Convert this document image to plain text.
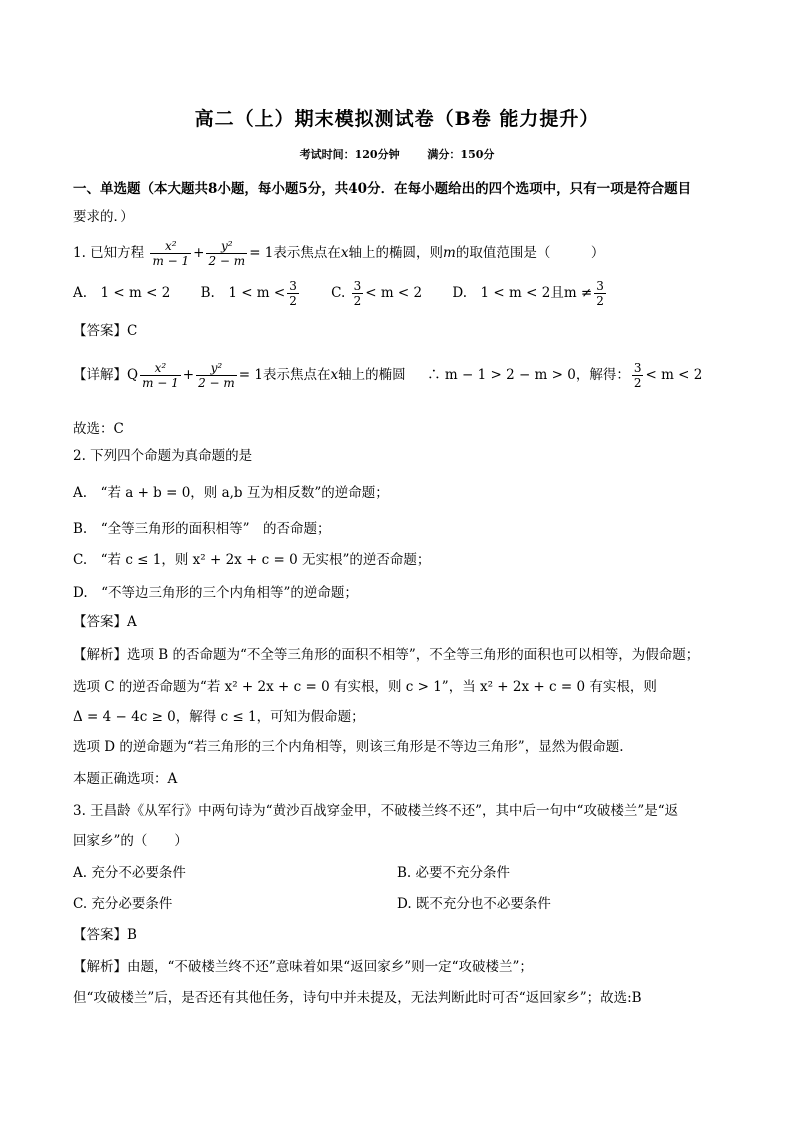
高二（上）期末模拟测试卷（B卷 能力提升）
考试时间：120分钟	满分：150分
一、单选题（本大题共8小题，每小题5分，共40分．在每小题给出的四个选项中，只有一项是符合题目
要求的．）
1. 已知方程 $\frac{\text{x²}}{m - 1} + \frac{\text{y²}}{2 - m} = 1$表示焦点在x轴上的椭圆，则m的取值范围是（　　　）
A.　1 < m < 2 B.　$1 < m < \frac{3}{2} C$. $\frac{3}{2} < m < 2$ D.　1 < m < 2且$m \ne \frac{3}{2}$
【答案】C
【详解】Q $\frac{\text{x²}}{m - 1} + \frac{\text{y²}}{2 - m} = 1$表示焦点在x轴上的椭圆 ∴ m − 1 > 2 − m > 0，解得： $\frac{3}{2} < m < 2$
故选：C
2. 下列四个命题为真命题的是
A.　“若 a + b = 0，则 a,b 互为相反数”的逆命题；
B.　“全等三角形的面积相等”　的否命题；
C.　“若 c ≤ 1，则 x² + 2x + c = 0 无实根”的逆否命题；
D.　“不等边三角形的三个内角相等”的逆命题；
【答案】A
【解析】选项 B 的否命题为“不全等三角形的面积不相等”，不全等三角形的面积也可以相等，为假命题；
选项 C 的逆否命题为“若 x² + 2x + c = 0 有实根，则 c > 1”，当 x² + 2x + c = 0 有实根，则
Δ = 4 − 4c ≥ 0，解得 c ≤ 1，可知为假命题；
选项 D 的逆命题为“若三角形的三个内角相等，则该三角形是不等边三角形”，显然为假命题.
本题正确选项：A
3. 王昌龄《从军行》中两句诗为“黄沙百战穿金甲，不破楼兰终不还”，其中后一句中“攻破楼兰”是“返
回家乡”的（　　）
A. 充分不必要条件	B. 必要不充分条件
C. 充分必要条件	D. 既不充分也不必要条件
【答案】B
【解析】由题，“不破楼兰终不还”意味着如果“返回家乡”则一定“攻破楼兰”；
但“攻破楼兰”后，是否还有其他任务，诗句中并未提及，无法判断此时可否“返回家乡”；故选:B
